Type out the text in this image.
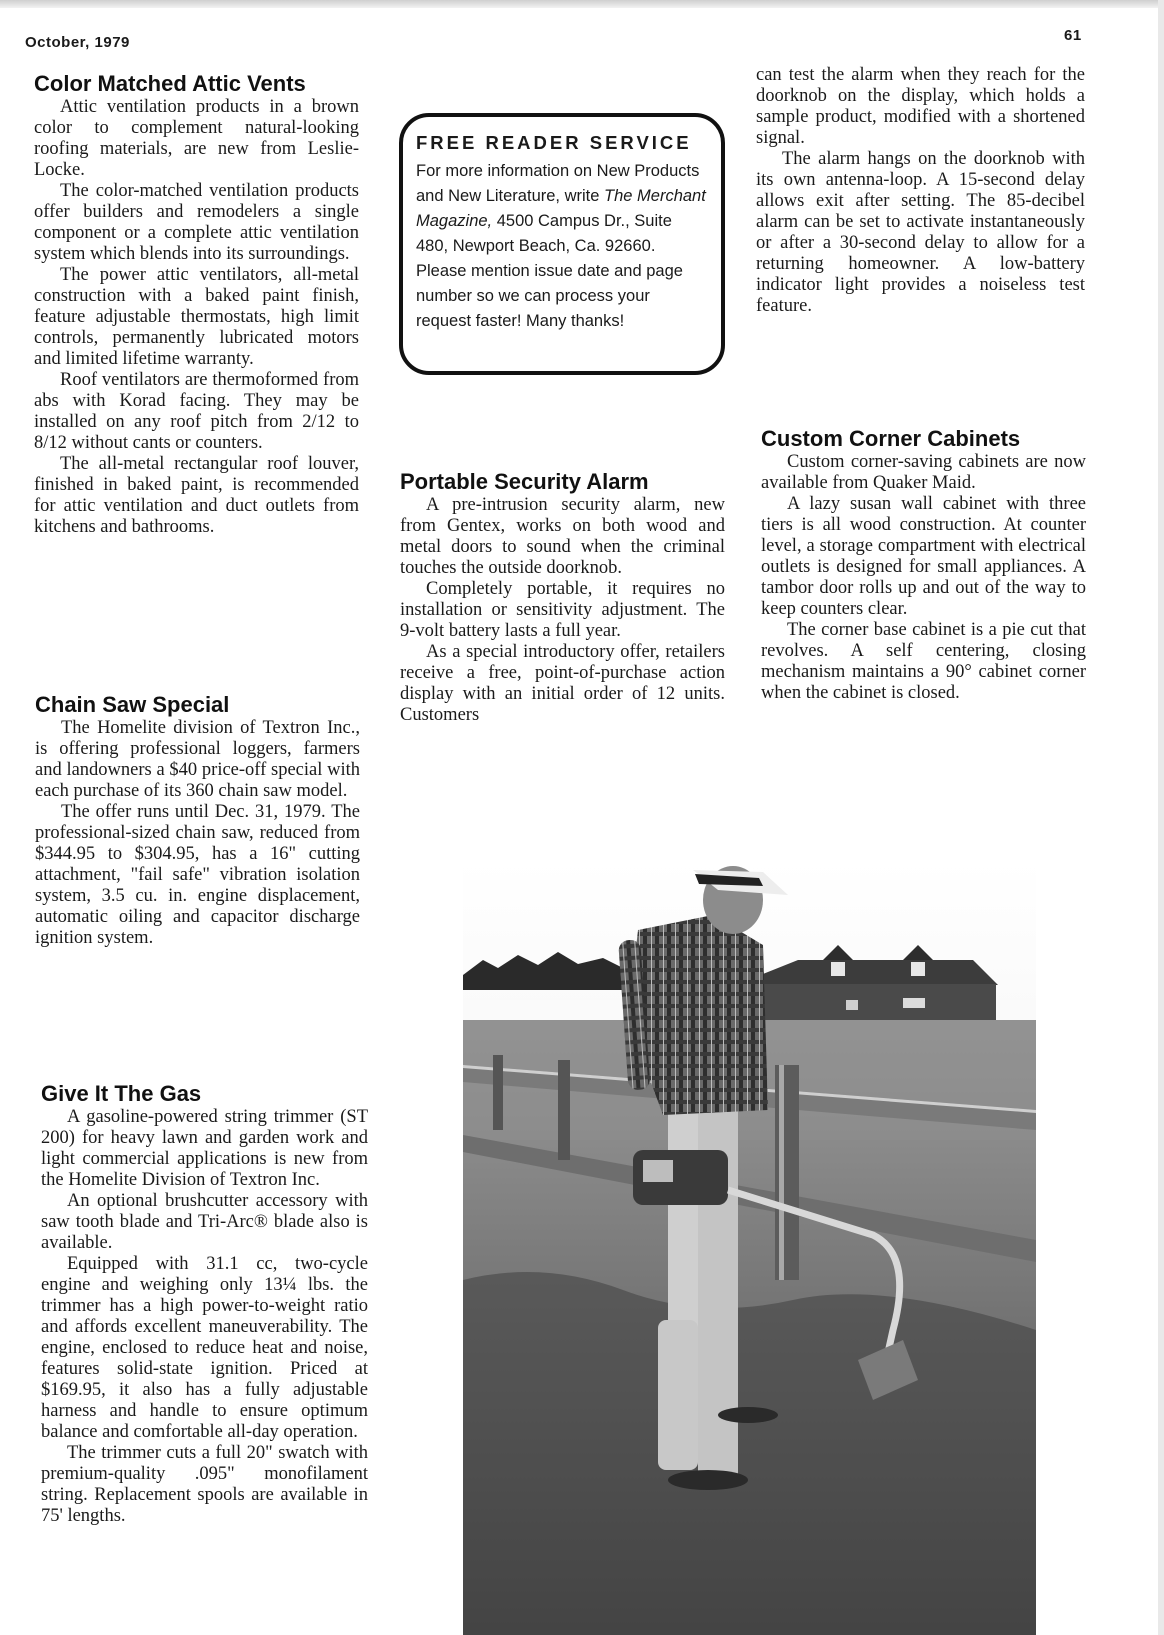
October, 1979	61
Color Matched Attic Vents

Attic ventilation products in a brown color to complement natural-looking roofing materials, are new from Leslie-Locke.

The color-matched ventilation products offer builders and remodelers a single component or a complete attic ventilation system which blends into its surroundings.

The power attic ventilators, all-metal construction with a baked paint finish, feature adjustable thermostats, high limit controls, permanently lubricated motors and limited lifetime warranty.

Roof ventilators are thermoformed from abs with Korad facing. They may be installed on any roof pitch from 2/12 to 8/12 without cants or counters.

The all-metal rectangular roof louver, finished in baked paint, is recommended for attic ventilation and duct outlets from kitchens and bathrooms.

Chain Saw Special

The Homelite division of Textron Inc., is offering professional loggers, farmers and landowners a $40 price-off special with each purchase of its 360 chain saw model.

The offer runs until Dec. 31, 1979. The professional-sized chain saw, reduced from $344.95 to $304.95, has a 16" cutting attachment, "fail safe" vibration isolation system, 3.5 cu. in. engine displacement, automatic oiling and capacitor discharge ignition system.

Give It The Gas

A gasoline-powered string trimmer (ST 200) for heavy lawn and garden work and light commercial applications is new from the Homelite Division of Textron Inc.

An optional brushcutter accessory with saw tooth blade and Tri-Arc® blade also is available.

Equipped with 31.1 cc, two-cycle engine and weighing only 13¼ lbs. the trimmer has a high power-to-weight ratio and affords excellent maneuverability. The engine, enclosed to reduce heat and noise, features solid-state ignition. Priced at $169.95, it also has a fully adjustable harness and handle to ensure optimum balance and comfortable all-day operation.

The trimmer cuts a full 20" swatch with premium-quality .095" monofilament string. Replacement spools are available in 75' lengths.

FREE READER SERVICE
For more information on New Products and New Literature, write The Merchant Magazine, 4500 Campus Dr., Suite 480, Newport Beach, Ca. 92660. Please mention issue date and page number so we can process your request faster! Many thanks!
Portable Security Alarm

A pre-intrusion security alarm, new from Gentex, works on both wood and metal doors to sound when the criminal touches the outside doorknob.

Completely portable, it requires no installation or sensitivity adjustment. The 9-volt battery lasts a full year.

As a special introductory offer, retailers receive a free, point-of-purchase action display with an initial order of 12 units. Customers

can test the alarm when they reach for the doorknob on the display, which holds a sample product, modified with a shortened signal.

The alarm hangs on the doorknob with its own antenna-loop. A 15-second delay allows exit after setting. The 85-decibel alarm can be set to activate instantaneously or after a 30-second delay to allow for a returning homeowner. A low-battery indicator light provides a noiseless test feature.

Custom Corner Cabinets

Custom corner-saving cabinets are now available from Quaker Maid.

A lazy susan wall cabinet with three tiers is all wood construction. At counter level, a storage compartment with electrical outlets is designed for small appliances. A tambor door rolls up and out of the way to keep counters clear.

The corner base cabinet is a pie cut that revolves. A self centering, closing mechanism maintains a 90° cabinet corner when the cabinet is closed.
